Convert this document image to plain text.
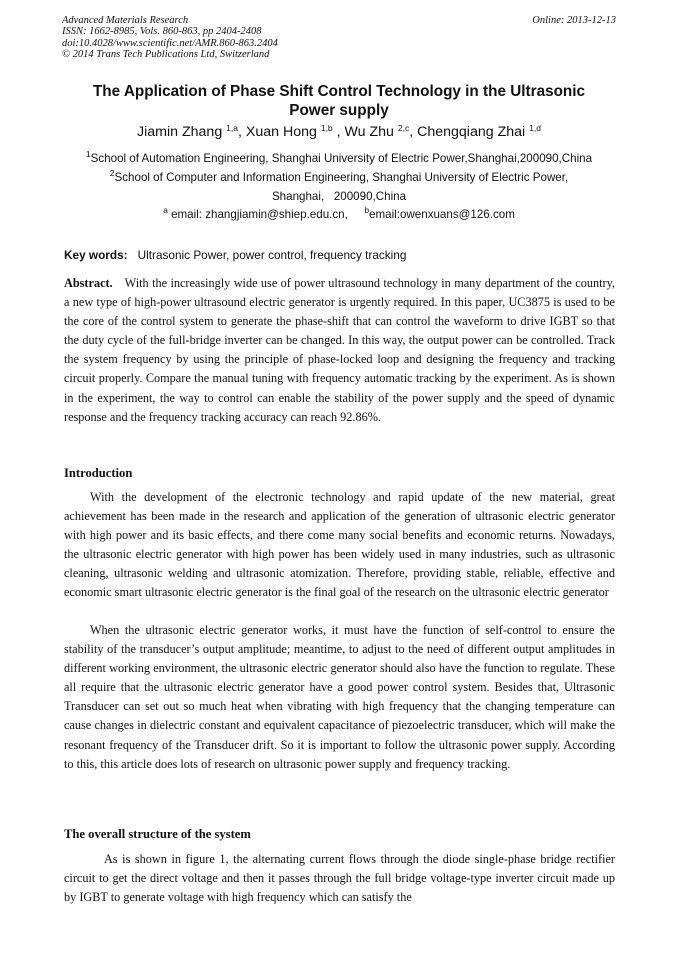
Advanced Materials Research
ISSN: 1662-8985, Vols. 860-863, pp 2404-2408
doi:10.4028/www.scientific.net/AMR.860-863.2404
© 2014 Trans Tech Publications Ltd, Switzerland
Online: 2013-12-13
The Application of Phase Shift Control Technology in the Ultrasonic Power supply
Jiamin Zhang $^{1,a}$, Xuan Hong $^{1,b}$ , Wu Zhu $^{2,c}$, Chengqiang Zhai $^{1,d}$
$^1$School of Automation Engineering, Shanghai University of Electric Power,Shanghai,200090,China
$^2$School of Computer and Information Engineering, Shanghai University of Electric Power,
Shanghai,   200090,China
$^a$ email: zhangjiamin@shiep.edu.cn, $^b$email:owenxuans@126.com
Key words: Ultrasonic Power, power control, frequency tracking

Abstract. With the increasingly wide use of power ultrasound technology in many department of the country, a new type of high-power ultrasound electric generator is urgently required. In this paper, UC3875 is used to be the core of the control system to generate the phase-shift that can control the waveform to drive IGBT so that the duty cycle of the full-bridge inverter can be changed. In this way, the output power can be controlled. Track the system frequency by using the principle of phase-locked loop and designing the frequency and tracking circuit properly. Compare the manual tuning with frequency automatic tracking by the experiment. As is shown in the experiment, the way to control can enable the stability of the power supply and the speed of dynamic response and the frequency tracking accuracy can reach 92.86%.

Introduction

With the development of the electronic technology and rapid update of the new material, great achievement has been made in the research and application of the generation of ultrasonic electric generator with high power and its basic effects, and there come many social benefits and economic returns. Nowadays, the ultrasonic electric generator with high power has been widely used in many industries, such as ultrasonic cleaning, ultrasonic welding and ultrasonic atomization. Therefore, providing stable, reliable, effective and economic smart ultrasonic electric generator is the final goal of the research on the ultrasonic electric generator

When the ultrasonic electric generator works, it must have the function of self-control to ensure the stability of the transducer’s output amplitude; meantime, to adjust to the need of different output amplitudes in different working environment, the ultrasonic electric generator should also have the function to regulate. These all require that the ultrasonic electric generator have a good power control system. Besides that, Ultrasonic Transducer can set out so much heat when vibrating with high frequency that the changing temperature can cause changes in dielectric constant and equivalent capacitance of piezoelectric transducer, which will make the resonant frequency of the Transducer drift. So it is important to follow the ultrasonic power supply. According to this, this article does lots of research on ultrasonic power supply and frequency tracking.

The overall structure of the system

As is shown in figure 1, the alternating current flows through the diode single-phase bridge rectifier circuit to get the direct voltage and then it passes through the full bridge voltage-type inverter circuit made up by IGBT to generate voltage with high frequency which can satisfy the
